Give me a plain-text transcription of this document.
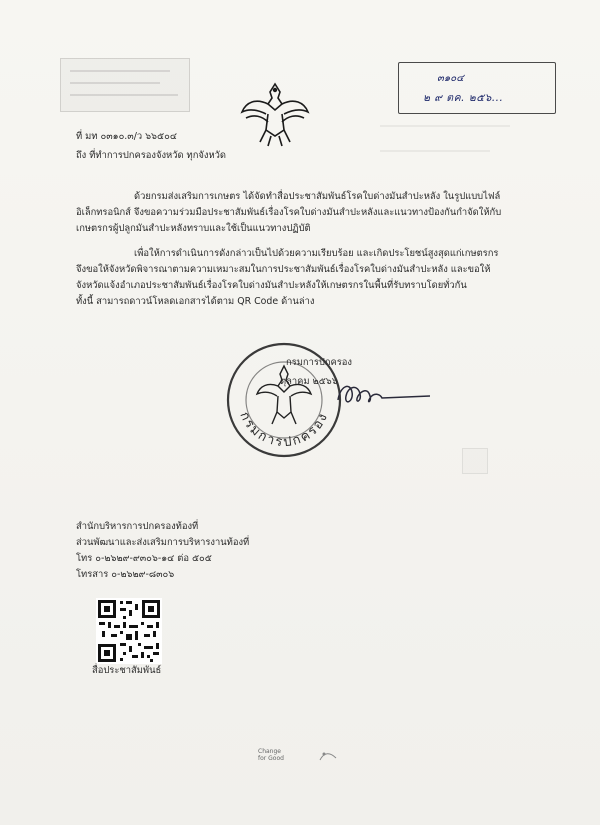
๓๑๐๔
๒ ๙ ตค. ๒๕๖...
ที่ มท ๐๓๑๐.๓/ว ๖๖๕๐๔
ถึง ที่ทำการปกครองจังหวัด ทุกจังหวัด
ด้วยกรมส่งเสริมการเกษตร ได้จัดทำสื่อประชาสัมพันธ์โรคใบด่างมันสำปะหลัง ในรูปแบบไฟล์
อิเล็กทรอนิกส์ จึงขอความร่วมมือประชาสัมพันธ์เรื่องโรคใบด่างมันสำปะหลังและแนวทางป้องกันกำจัดให้กับ
เกษตรกรผู้ปลูกมันสำปะหลังทราบและใช้เป็นแนวทางปฏิบัติ
เพื่อให้การดำเนินการดังกล่าวเป็นไปด้วยความเรียบร้อย และเกิดประโยชน์สูงสุดแก่เกษตรกร
จึงขอให้จังหวัดพิจารณาตามความเหมาะสมในการประชาสัมพันธ์เรื่องโรคใบด่างมันสำปะหลัง และขอให้
จังหวัดแจ้งอำเภอประชาสัมพันธ์เรื่องโรคใบด่างมันสำปะหลังให้เกษตรกรในพื้นที่รับทราบโดยทั่วกัน
ทั้งนี้ สามารถดาวน์โหลดเอกสารได้ตาม QR Code ด้านล่าง
กรมการปกครอง
กรมการปกครอง
ตุลาคม ๒๕๖๖
สำนักบริหารการปกครองท้องที่
ส่วนพัฒนาและส่งเสริมการบริหารงานท้องที่
โทร ๐-๒๖๒๙-๙๓๐๖-๑๔ ต่อ ๕๐๕
โทรสาร ๐-๒๖๒๙-๘๓๐๖
สื่อประชาสัมพันธ์
Change
for Good
